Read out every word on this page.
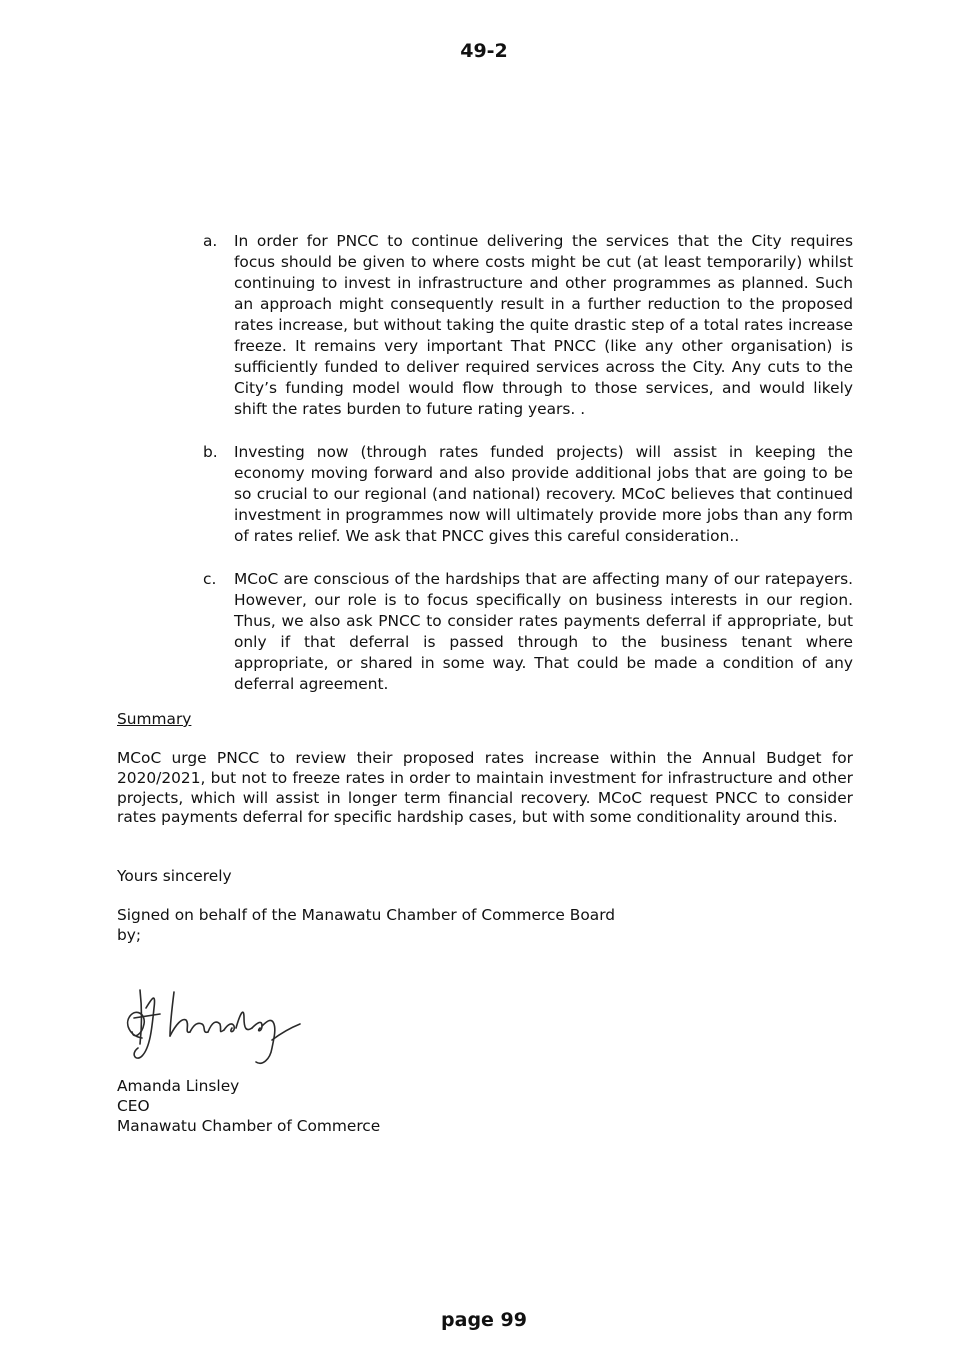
49-2
a. In order for PNCC to continue delivering the services that the City requires focus should be given to where costs might be cut (at least temporarily) whilst continuing to invest in infrastructure and other programmes as planned. Such an approach might consequently result in a further reduction to the proposed rates increase, but without taking the quite drastic step of a total rates increase freeze. It remains very important That PNCC (like any other organisation) is sufficiently funded to deliver required services across the City. Any cuts to the City’s funding model would flow through to those services, and would likely shift the rates burden to future rating years. .

b. Investing now (through rates funded projects) will assist in keeping the economy moving forward and also provide additional jobs that are going to be so crucial to our regional (and national) recovery. MCoC believes that continued investment in programmes now will ultimately provide more jobs than any form of rates relief. We ask that PNCC gives this careful consideration..

c. MCoC are conscious of the hardships that are affecting many of our ratepayers. However, our role is to focus specifically on business interests in our region. Thus, we also ask PNCC to consider rates payments deferral if appropriate, but only if that deferral is passed through to the business tenant where appropriate, or shared in some way. That could be made a condition of any deferral agreement.

Summary

MCoC urge PNCC to review their proposed rates increase within the Annual Budget for 2020/2021, but not to freeze rates in order to maintain investment for infrastructure and other projects, which will assist in longer term financial recovery. MCoC request PNCC to consider rates payments deferral for specific hardship cases, but with some conditionality around this.

Yours sincerely

Signed on behalf of the Manawatu Chamber of Commerce Board

by;

Amanda Linsley

CEO

Manawatu Chamber of Commerce

page 99
